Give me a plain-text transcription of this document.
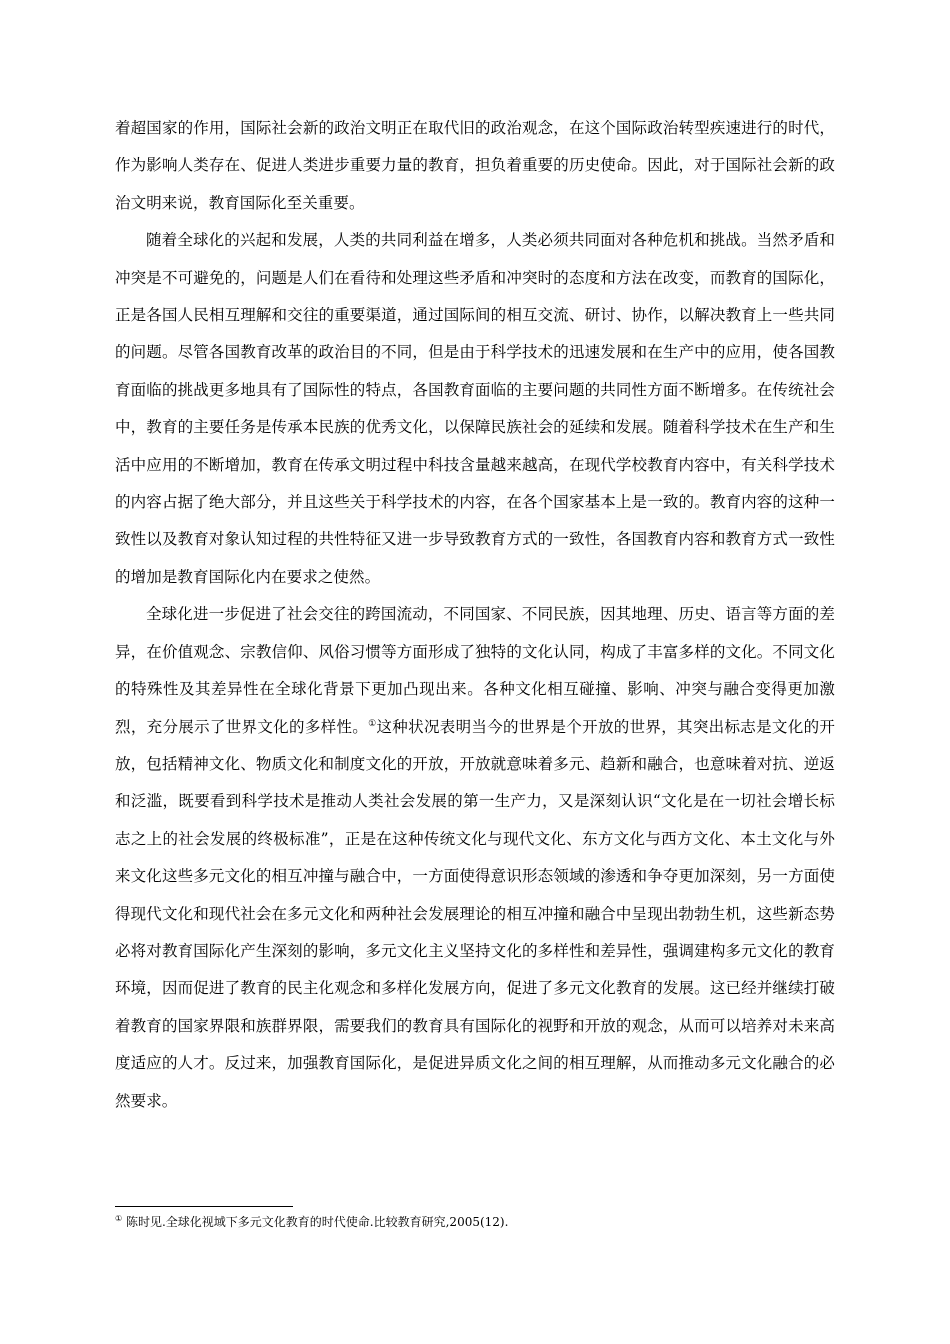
着超国家的作用，国际社会新的政治文明正在取代旧的政治观念，在这个国际政治转型疾速进行的时代，作为影响人类存在、促进人类进步重要力量的教育，担负着重要的历史使命。因此，对于国际社会新的政治文明来说，教育国际化至关重要。

随着全球化的兴起和发展，人类的共同利益在增多，人类必须共同面对各种危机和挑战。当然矛盾和冲突是不可避免的，问题是人们在看待和处理这些矛盾和冲突时的态度和方法在改变，而教育的国际化，正是各国人民相互理解和交往的重要渠道，通过国际间的相互交流、研讨、协作，以解决教育上一些共同的问题。尽管各国教育改革的政治目的不同，但是由于科学技术的迅速发展和在生产中的应用，使各国教育面临的挑战更多地具有了国际性的特点，各国教育面临的主要问题的共同性方面不断增多。在传统社会中，教育的主要任务是传承本民族的优秀文化，以保障民族社会的延续和发展。随着科学技术在生产和生活中应用的不断增加，教育在传承文明过程中科技含量越来越高，在现代学校教育内容中，有关科学技术的内容占据了绝大部分，并且这些关于科学技术的内容，在各个国家基本上是一致的。教育内容的这种一致性以及教育对象认知过程的共性特征又进一步导致教育方式的一致性，各国教育内容和教育方式一致性的增加是教育国际化内在要求之使然。

全球化进一步促进了社会交往的跨国流动，不同国家、不同民族，因其地理、历史、语言等方面的差异，在价值观念、宗教信仰、风俗习惯等方面形成了独特的文化认同，构成了丰富多样的文化。不同文化的特殊性及其差异性在全球化背景下更加凸现出来。各种文化相互碰撞、影响、冲突与融合变得更加激烈，充分展示了世界文化的多样性。①这种状况表明当今的世界是个开放的世界，其突出标志是文化的开放，包括精神文化、物质文化和制度文化的开放，开放就意味着多元、趋新和融合，也意味着对抗、逆返和泛滥，既要看到科学技术是推动人类社会发展的第一生产力，又是深刻认识“文化是在一切社会增长标志之上的社会发展的终极标准”，正是在这种传统文化与现代文化、东方文化与西方文化、本土文化与外来文化这些多元文化的相互冲撞与融合中，一方面使得意识形态领域的渗透和争夺更加深刻，另一方面使得现代文化和现代社会在多元文化和两种社会发展理论的相互冲撞和融合中呈现出勃勃生机，这些新态势必将对教育国际化产生深刻的影响，多元文化主义坚持文化的多样性和差异性，强调建构多元文化的教育环境，因而促进了教育的民主化观念和多样化发展方向，促进了多元文化教育的发展。这已经并继续打破着教育的国家界限和族群界限，需要我们的教育具有国际化的视野和开放的观念，从而可以培养对未来高度适应的人才。反过来，加强教育国际化，是促进异质文化之间的相互理解，从而推动多元文化融合的必然要求。

① 陈时见.全球化视域下多元文化教育的时代使命.比较教育研究,2005(12).
